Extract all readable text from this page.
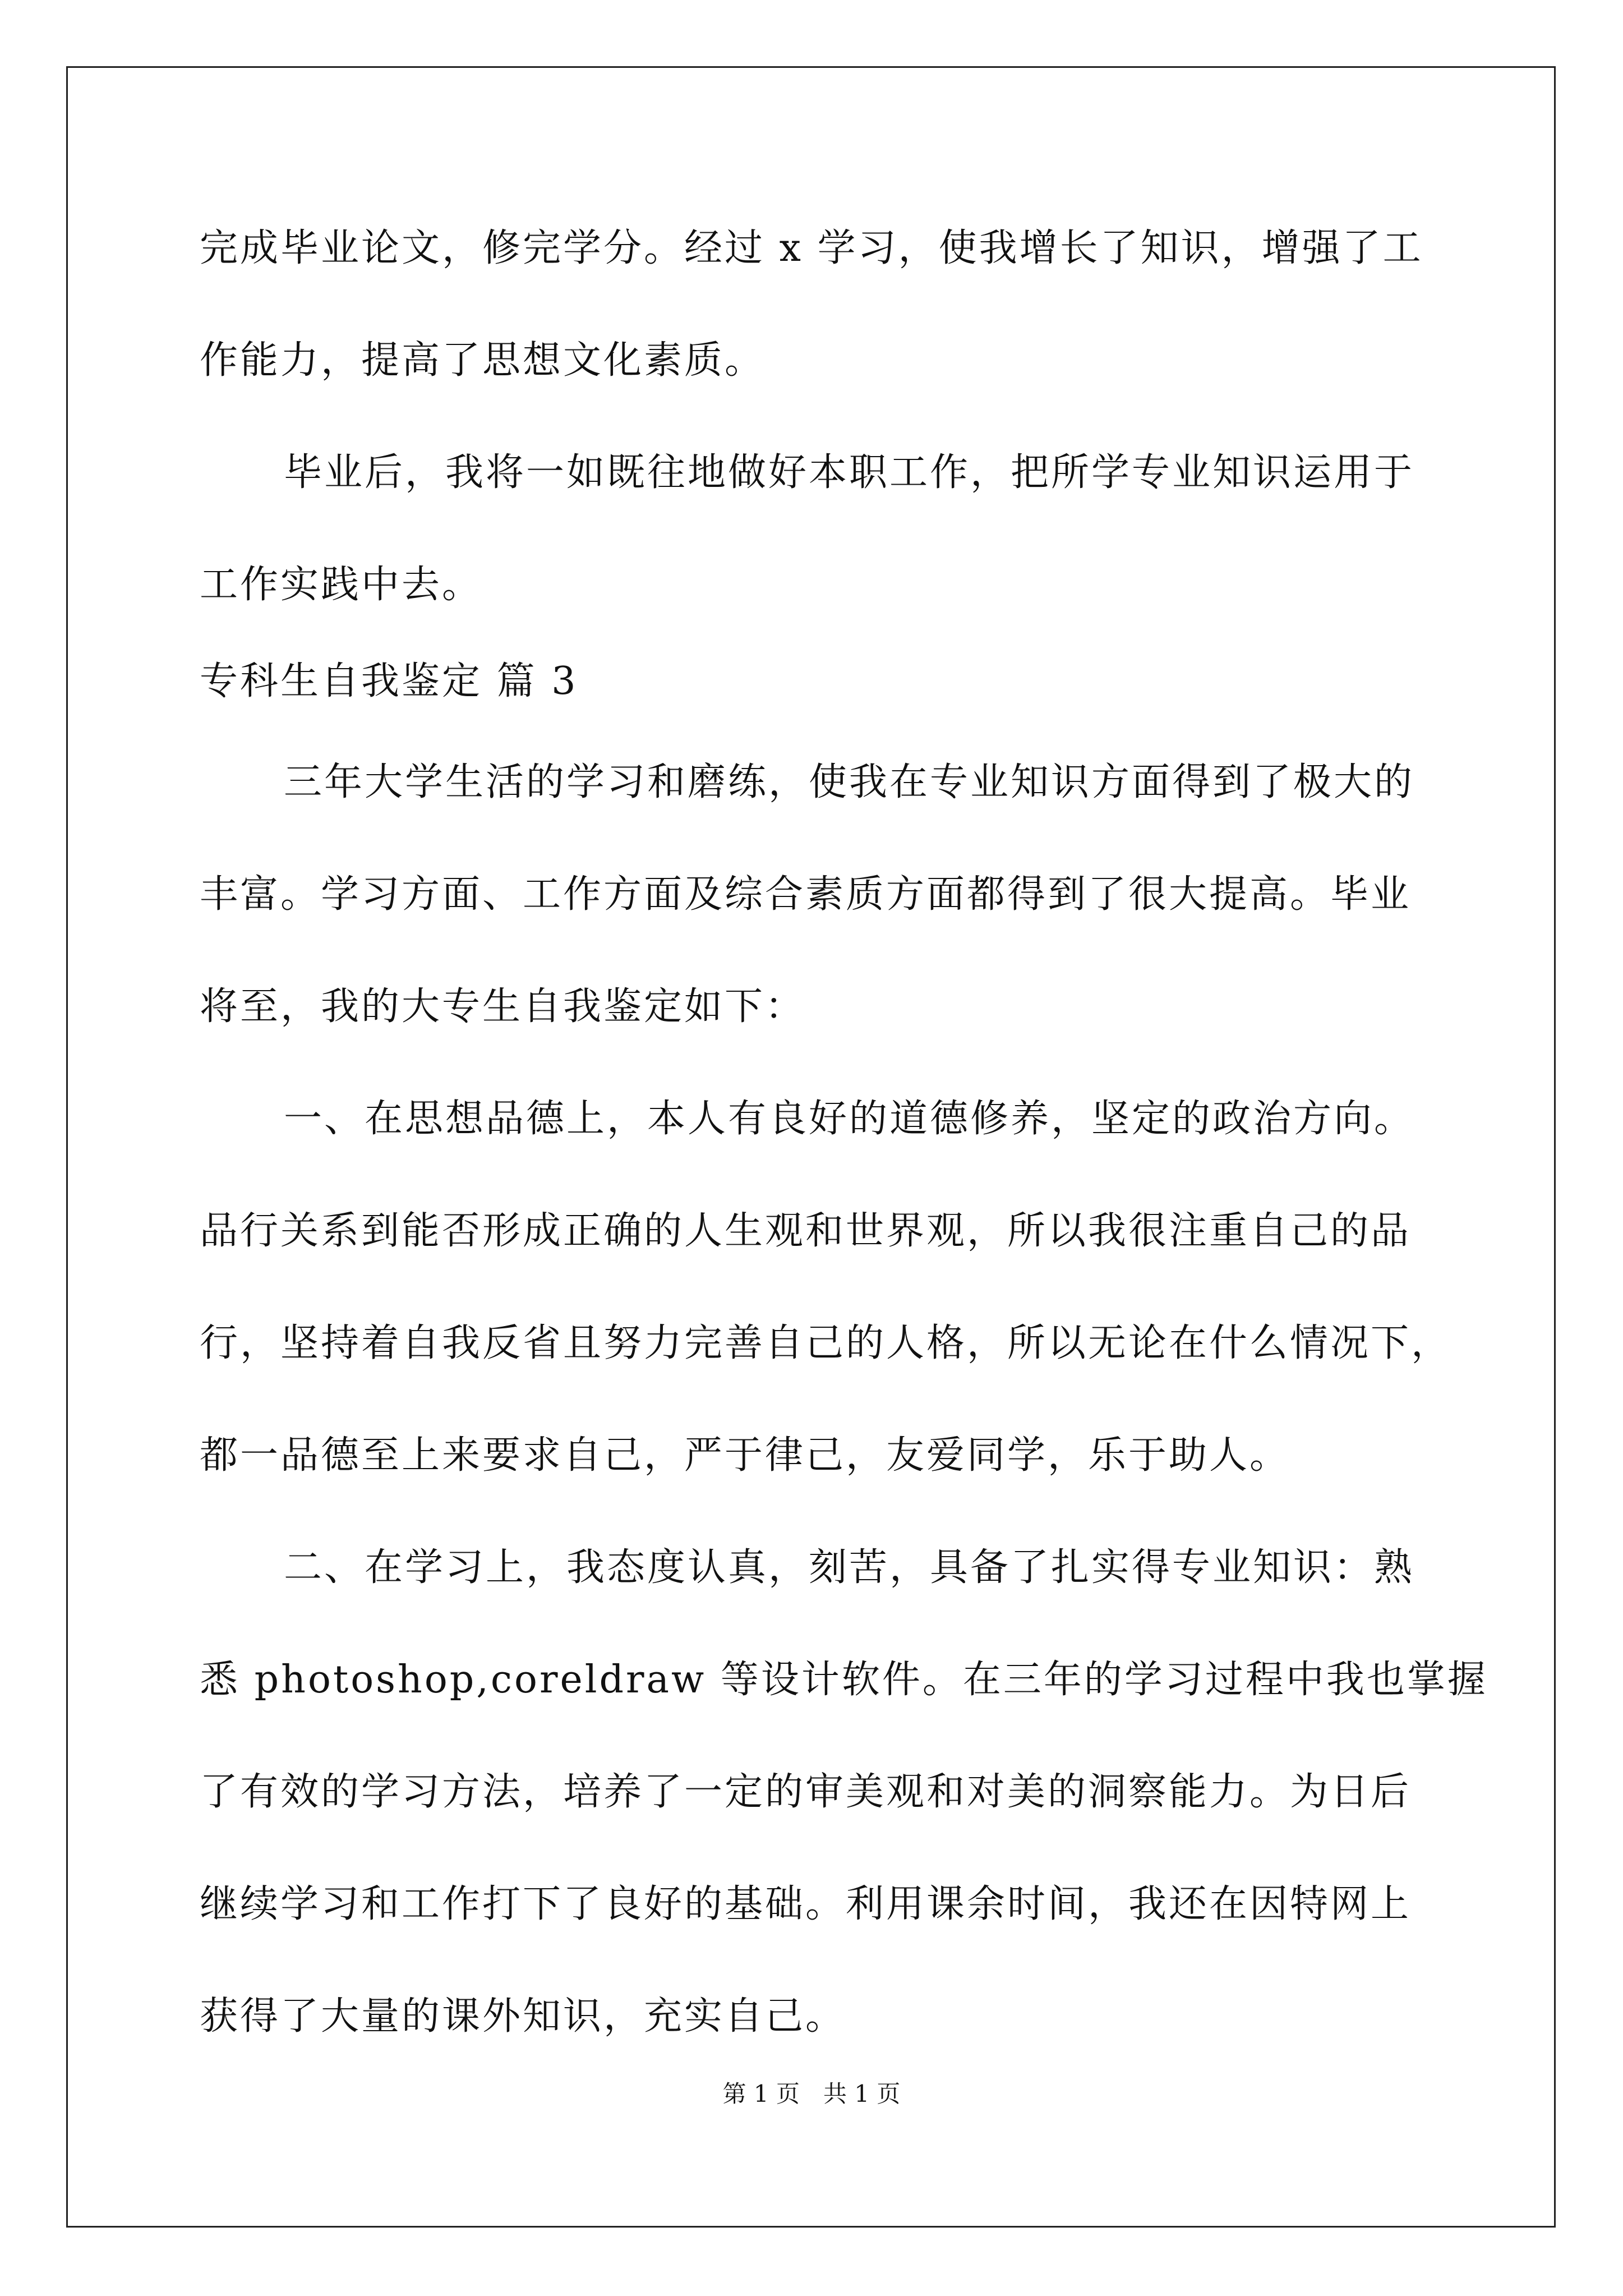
完成毕业论文，修完学分。经过 x 学习，使我增长了知识，增强了工
作能力，提高了思想文化素质。
毕业后，我将一如既往地做好本职工作，把所学专业知识运用于
工作实践中去。
专科生自我鉴定 篇 3
三年大学生活的学习和磨练，使我在专业知识方面得到了极大的
丰富。学习方面、工作方面及综合素质方面都得到了很大提高。毕业
将至，我的大专生自我鉴定如下：
一、在思想品德上，本人有良好的道德修养，坚定的政治方向。
品行关系到能否形成正确的人生观和世界观，所以我很注重自己的品
行，坚持着自我反省且努力完善自己的人格，所以无论在什么情况下，
都一品德至上来要求自己，严于律己，友爱同学，乐于助人。
二、在学习上，我态度认真，刻苦，具备了扎实得专业知识：熟
悉 photoshop,coreldraw 等设计软件。在三年的学习过程中我也掌握
了有效的学习方法，培养了一定的审美观和对美的洞察能力。为日后
继续学习和工作打下了良好的基础。利用课余时间，我还在因特网上
获得了大量的课外知识，充实自己。
第 1 页　共 1 页
